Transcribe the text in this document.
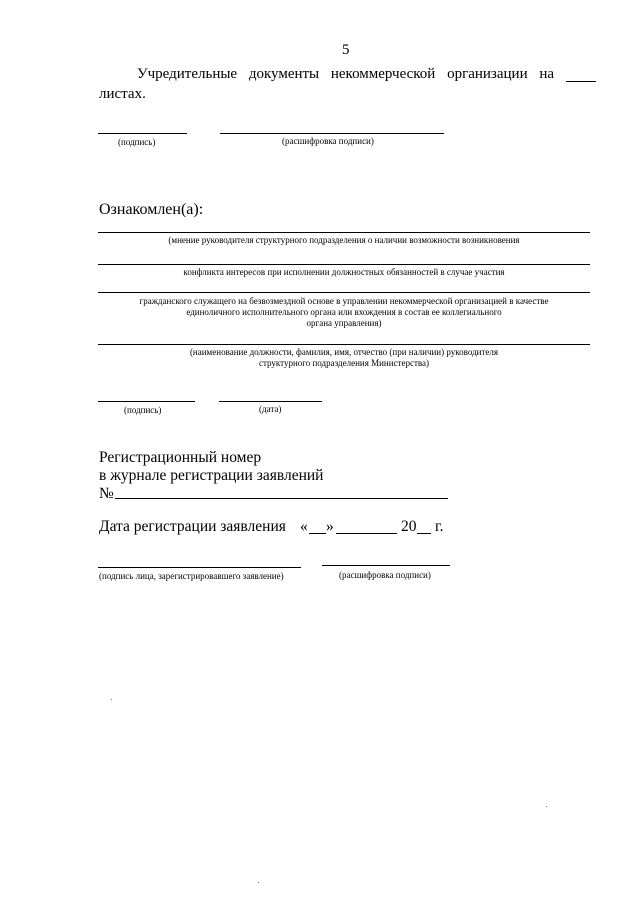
5
Учредительные документы некоммерческой организации на
листах.
(подпись)	(расшифровка подписи)
Ознакомлен(а):
(мнение руководителя структурного подразделения о наличии возможности возникновения
конфликта интересов при исполнении должностных обязанностей в случае участия
гражданского служащего на безвозмездной основе в управлении некоммерческой организацией в качестве
единоличного исполнительного органа или вхождения в состав ее коллегиального
органа управления)
(наименование должности, фамилия, имя, отчество (при наличии) руководителя
структурного подразделения Министерства)
(подпись)	(дата)
Регистрационный номер
в журнале регистрации заявлений
№
Дата регистрации заявления « »	20 г.
(подпись лица, зарегистрировавшего заявление)	(расшифровка подписи)
